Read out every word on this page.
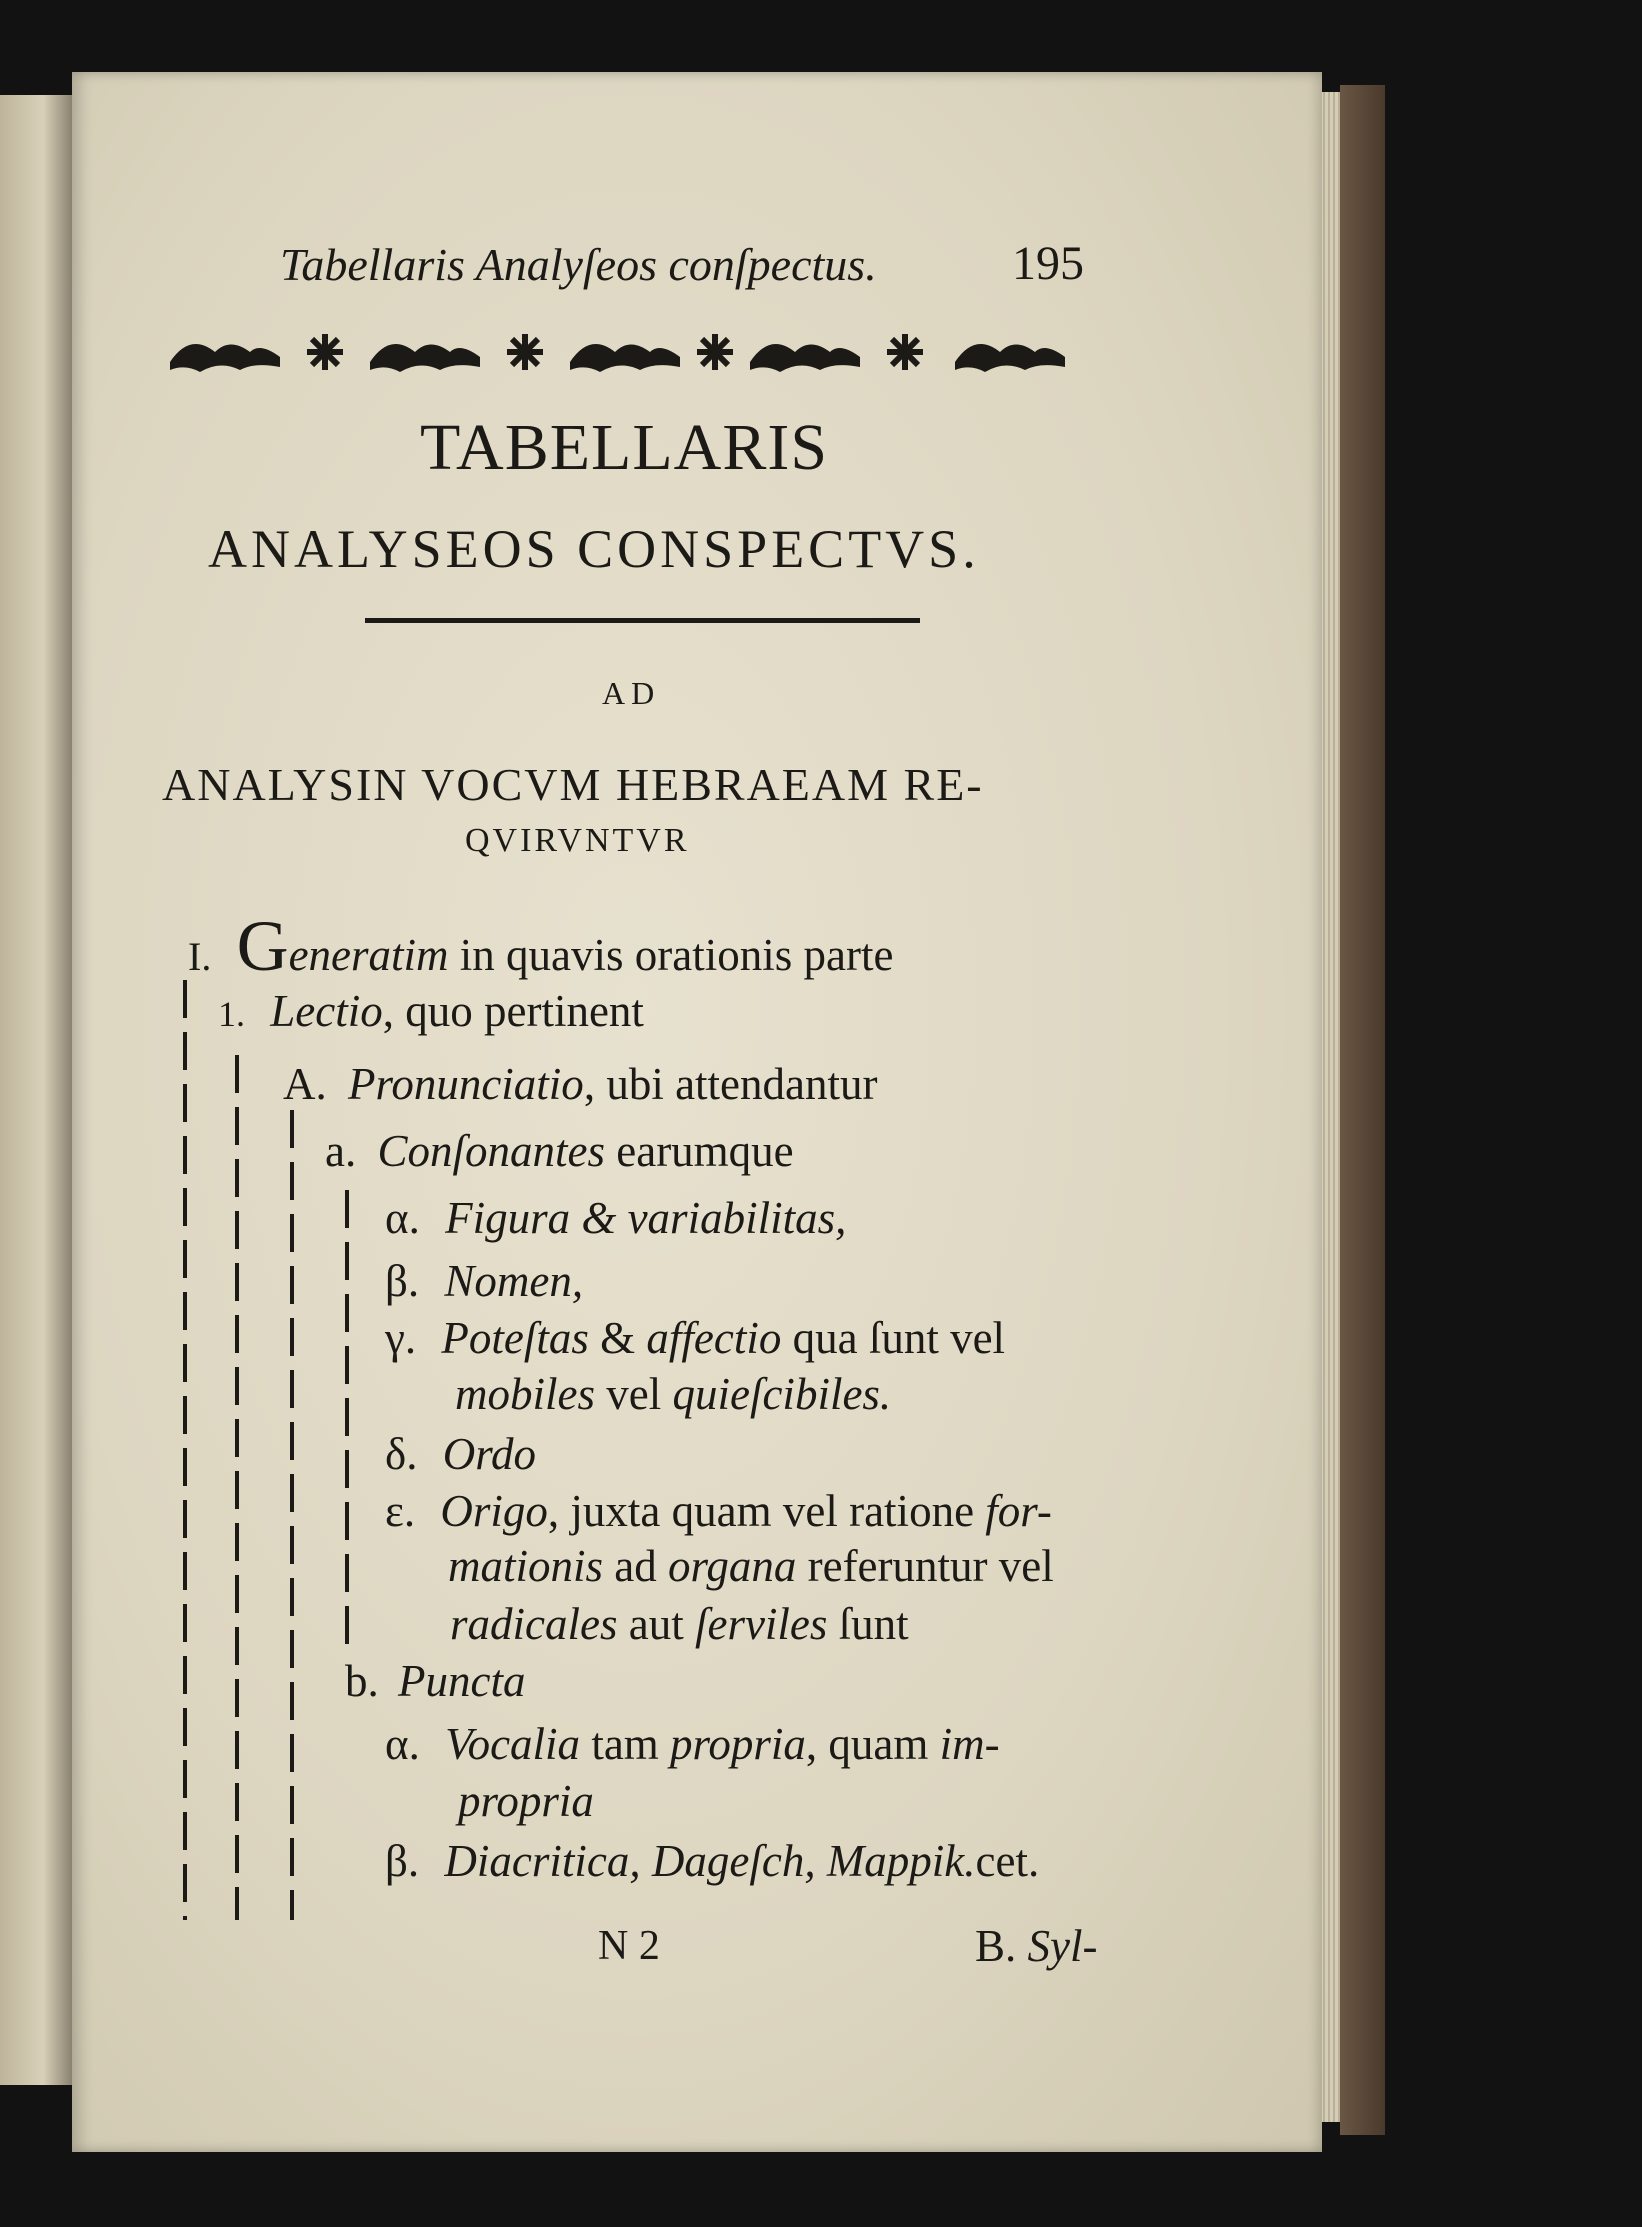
Tabellaris Analyſeos conſpectus.	195
TABELLARIS
ANALYSEOS CONSPECTVS.
AD
ANALYSIN VOCVM HEBRAEAM RE-
QVIRVNTVR
I. Generatim in quavis orationis parte
1. Lectio, quo pertinent
A. Pronunciatio, ubi attendantur
a. Conſonantes earumque
α. Figura & variabilitas,
β. Nomen,
γ. Poteſtas & affectio qua ſunt vel
mobiles vel quieſcibiles.
δ. Ordo
ε. Origo, juxta quam vel ratione for-
mationis ad organa referuntur vel
radicales aut ſerviles ſunt
b. Puncta
α. Vocalia tam propria, quam im-
propria
β. Diacritica, Dageſch, Mappik.cet.
N 2	B. Syl-
